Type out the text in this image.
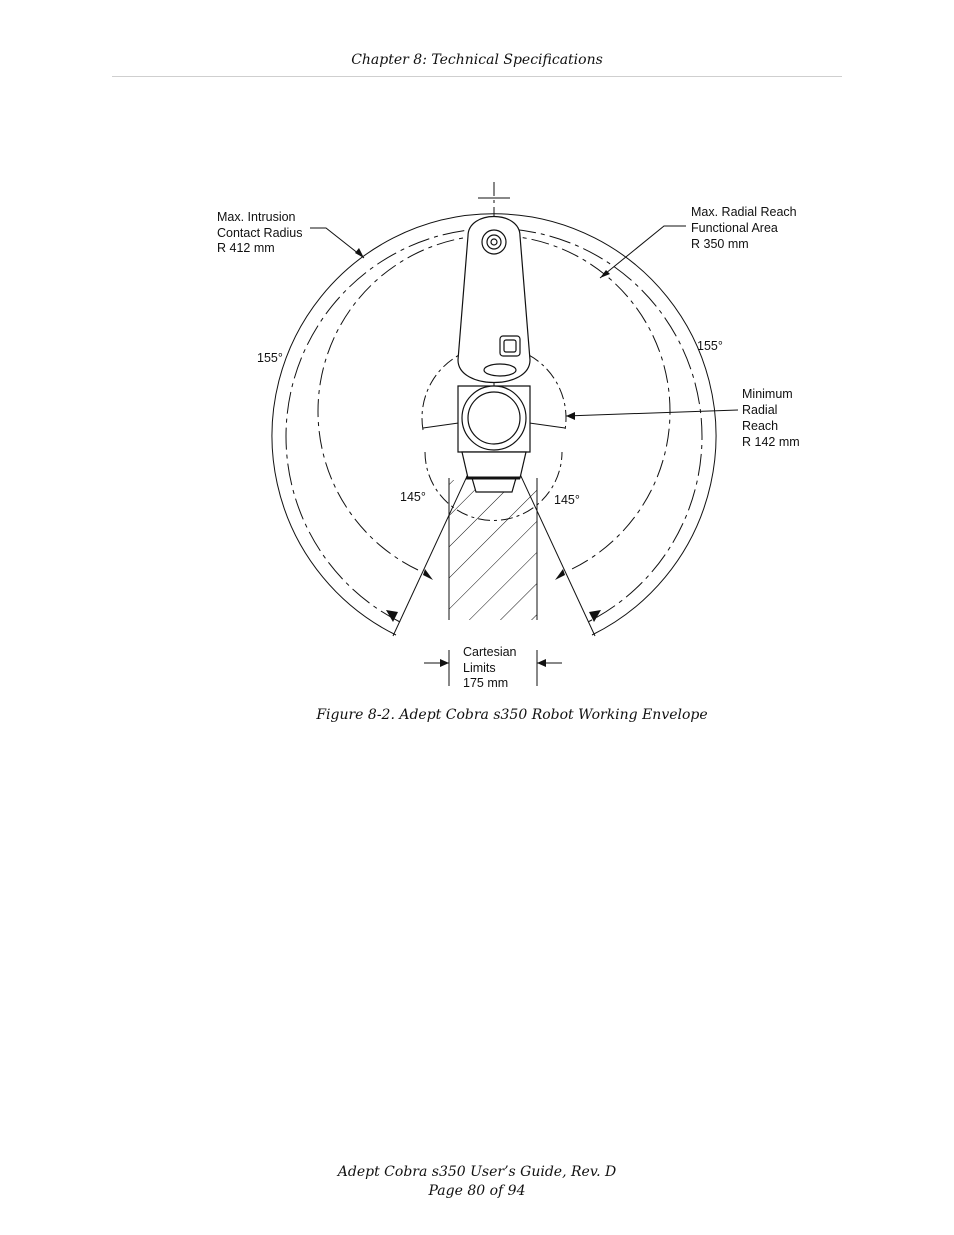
Chapter 8: Technical Specifications
Max. Intrusion
Contact Radius
R 412 mm
Max. Radial Reach
Functional Area
R 350 mm
155°
155°
Minimum
Radial
Reach
R 142 mm
145°	145°
Cartesian
Limits
175 mm
Figure 8-2. Adept Cobra s350 Robot Working Envelope
Adept Cobra s350 User’s Guide, Rev. D
Page 80 of 94
